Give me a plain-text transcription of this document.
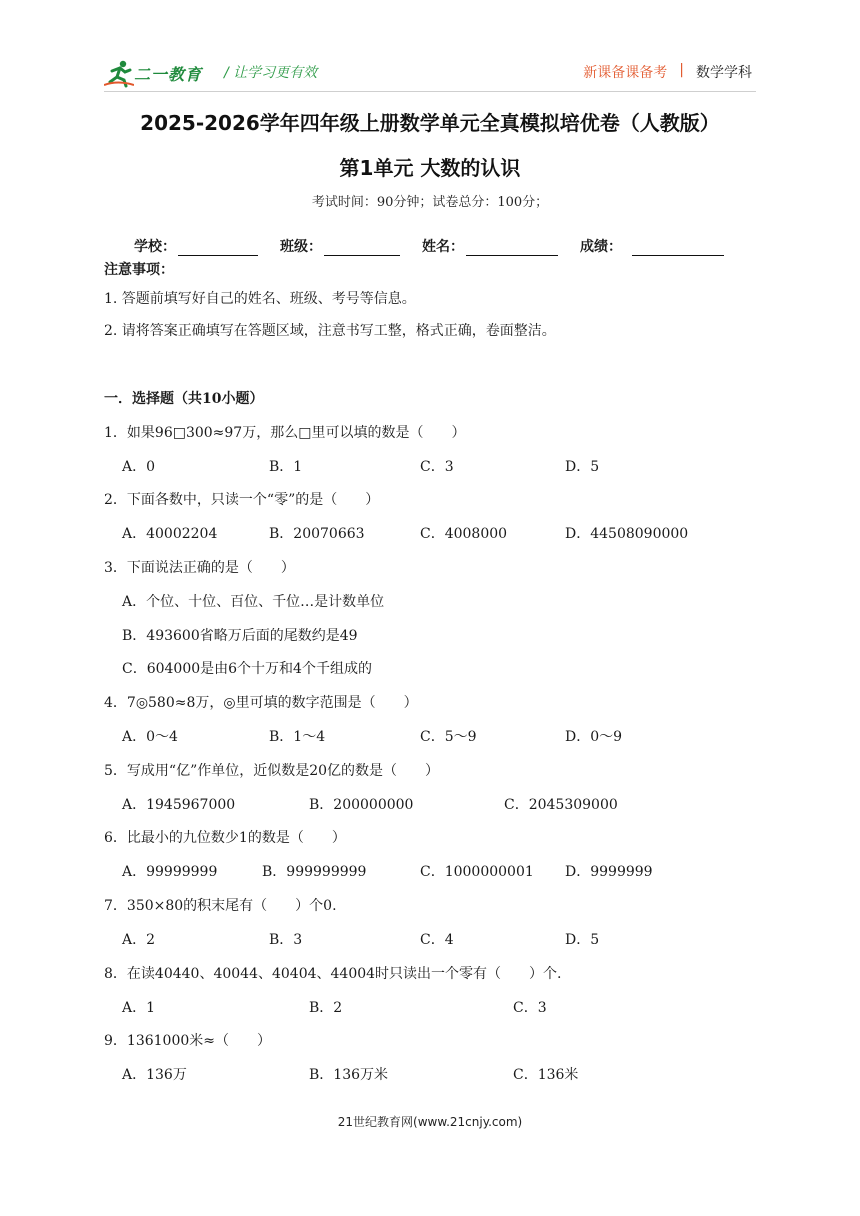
二一教育 / 让学习更有效	新课备课备考 | 数学学科
2025-2026学年四年级上册数学单元全真模拟培优卷（人教版）
第1单元 大数的认识
考试时间：90分钟；试卷总分：100分；
学校：	班级：	姓名：	成绩：
注意事项：
1. 答题前填写好自己的姓名、班级、考号等信息。
2. 请将答案正确填写在答题区域，注意书写工整，格式正确，卷面整洁。
一．选择题（共10小题）
1．如果96□300≈97万，那么□里可以填的数是（　　）
A．0	B．1	C．3	D．5
2．下面各数中，只读一个“零”的是（　　）
A．40002204	B．20070663	C．4008000	D．44508090000
3．下面说法正确的是（　　）
A．个位、十位、百位、千位…是计数单位
B．493600省略万后面的尾数约是49
C．604000是由6个十万和4个千组成的
4．7◎580≈8万，◎里可填的数字范围是（　　）
A．0～4	B．1～4	C．5～9	D．0～9
5．写成用“亿”作单位，近似数是20亿的数是（　　）
A．1945967000	B．200000000	C．2045309000
6．比最小的九位数少1的数是（　　）
A．99999999	B．999999999	C．1000000001 D．9999999
7．350×80的积末尾有（　　）个0.
A．2	B．3	C．4	D．5
8．在读40440、40044、40404、44004时只读出一个零有（　　）个.
A．1	B．2	C．3
9．1361000米≈（　　）
A．136万	B．136万米	C．136米
21世纪教育网(www.21cnjy.com)
